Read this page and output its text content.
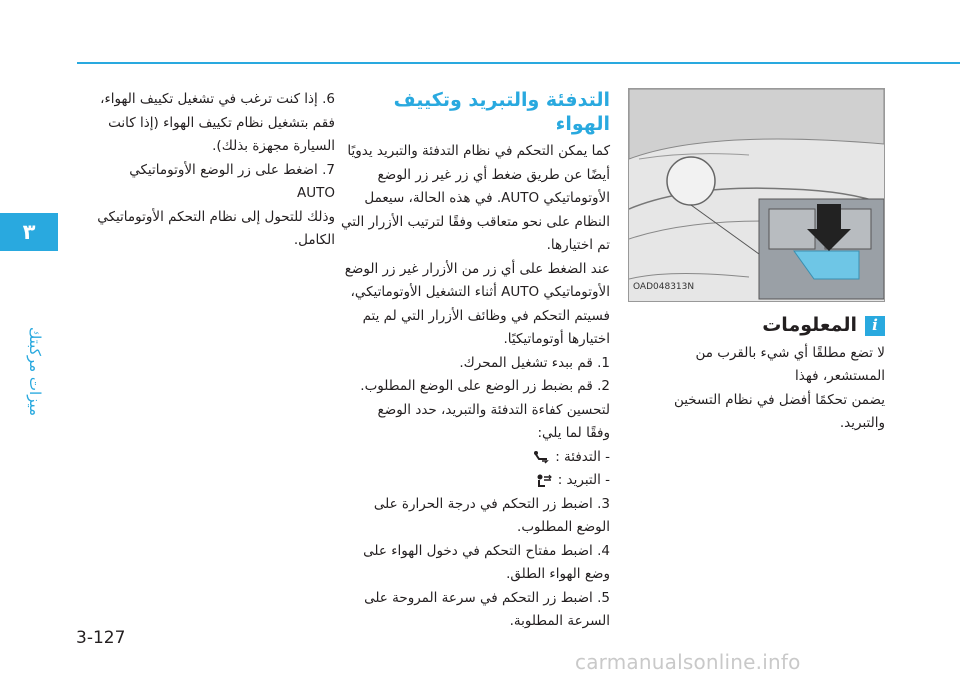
٣
ميزات مركبتك
OAD048313N
i
المعلومات

لا تضع مطلقًا أي شيء بالقرب من المستشعر، فهذا

يضمن تحكمًا أفضل في نظام التسخين والتبريد.

التدفئة والتبريد وتكييف الهواء

كما يمكن التحكم في نظام التدفئة والتبريد يدويًا

أيضًا عن طريق ضغط أي زر غير زر الوضع

الأوتوماتيكي AUTO. في هذه الحالة، سيعمل

النظام على نحو متعاقب وفقًا لترتيب الأزرار التي

تم اختيارها.

عند الضغط على أي زر من الأزرار غير زر الوضع

الأوتوماتيكي AUTO أثناء التشغيل الأوتوماتيكي،

فسيتم التحكم في وظائف الأزرار التي لم يتم

اختيارها أوتوماتيكيًا.

1. قم ببدء تشغيل المحرك.

2. قم بضبط زر الوضع على الوضع المطلوب.

لتحسين كفاءة التدفئة والتبريد، حدد الوضع

وفقًا لما يلي:

- التدفئة :

- التبريد :

3. اضبط زر التحكم في درجة الحرارة على

الوضع المطلوب.

4. اضبط مفتاح التحكم في دخول الهواء على

وضع الهواء الطلق.

5. اضبط زر التحكم في سرعة المروحة على

السرعة المطلوبة.

6. إذا كنت ترغب في تشغيل تكييف الهواء،

فقم بتشغيل نظام تكييف الهواء (إذا كانت

السيارة مجهزة بذلك).

7. اضغط على زر الوضع الأوتوماتيكي AUTO

وذلك للتحول إلى نظام التحكم الأوتوماتيكي

الكامل.

3-127
carmanualsonline.info
